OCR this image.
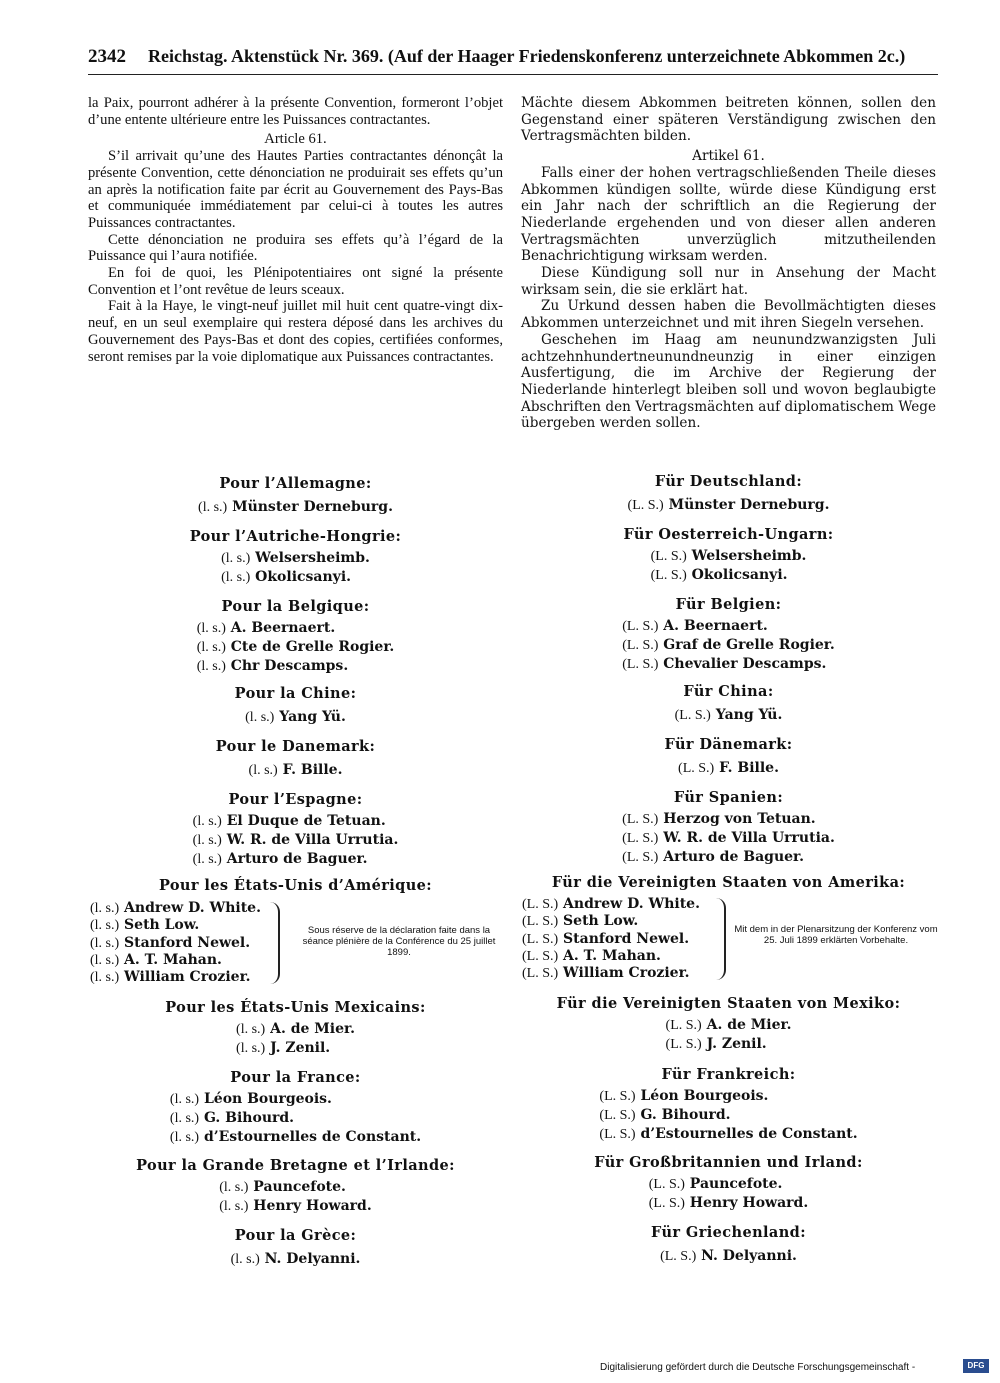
2342 Reichstag. Aktenstück Nr. 369. (Auf der Haager Friedenskonferenz unterzeichnete Abkommen 2c.)

la Paix, pourront adhérer à la présente Convention, formeront l’objet d’une entente ultérieure entre les Puissances contractantes.

Article 61.

S’il arrivait qu’une des Hautes Parties contractantes dénonçât la présente Convention, cette dénonciation ne produirait ses effets qu’un an après la notification faite par écrit au Gouvernement des Pays-Bas et communiquée immédiatement par celui-ci à toutes les autres Puissances contractantes.

Cette dénonciation ne produira ses effets qu’à l’égard de la Puissance qui l’aura notifiée.

En foi de quoi, les Plénipotentiaires ont signé la présente Convention et l’ont revêtue de leurs sceaux.

Fait à la Haye, le vingt-neuf juillet mil huit cent quatre-vingt dix-neuf, en un seul exemplaire qui restera déposé dans les archives du Gouvernement des Pays-Bas et dont des copies, certifiées conformes, seront remises par la voie diplomatique aux Puissances contractantes.

Mächte diesem Abkommen beitreten können, sollen den Gegenstand einer späteren Verständigung zwischen den Vertragsmächten bilden.

Artikel 61.

Falls einer der hohen vertragschließenden Theile dieses Abkommen kündigen sollte, würde diese Kündigung erst ein Jahr nach der schriftlich an die Regierung der Niederlande ergehenden und von dieser allen anderen Vertragsmächten unverzüglich mitzutheilenden Benachrichtigung wirksam werden.

Diese Kündigung soll nur in Ansehung der Macht wirksam sein, die sie erklärt hat.

Zu Urkund dessen haben die Bevollmächtigten dieses Abkommen unterzeichnet und mit ihren Siegeln versehen.

Geschehen im Haag am neunundzwanzigsten Juli achtzehnhundertneunundneunzig in einer einzigen Ausfertigung, die im Archive der Regierung der Niederlande hinterlegt bleiben soll und wovon beglaubigte Abschriften den Vertragsmächten auf diplomatischem Wege übergeben werden sollen.

Pour l’Allemagne:
(l. s.) Münster Derneburg.
Pour l’Autriche-Hongrie:
(l. s.) Welsersheimb.
(l. s.) Okolicsanyi.
Pour la Belgique:
(l. s.) A. Beernaert.
(l. s.) Cte de Grelle Rogier.
(l. s.) Chr Descamps.
Pour la Chine:
(l. s.) Yang Yü.
Pour le Danemark:
(l. s.) F. Bille.
Pour l’Espagne:
(l. s.) El Duque de Tetuan.
(l. s.) W. R. de Villa Urrutia.
(l. s.) Arturo de Baguer.
Pour les États-Unis d’Amérique:
(l. s.) Andrew D. White.
(l. s.) Seth Low.
(l. s.) Stanford Newel.
(l. s.) A. T. Mahan.
(l. s.) William Crozier.
Sous réserve de la déclaration faite dans la séance plénière de la Conférence du 25 juillet 1899.
Pour les États-Unis Mexicains:
(l. s.) A. de Mier.
(l. s.) J. Zenil.
Pour la France:
(l. s.) Léon Bourgeois.
(l. s.) G. Bihourd.
(l. s.) d’Estournelles de Constant.
Pour la Grande Bretagne et l’Irlande:
(l. s.) Pauncefote.
(l. s.) Henry Howard.
Pour la Grèce:
(l. s.) N. Delyanni.
Für Deutschland:
(L. S.) Münster Derneburg.
Für Oesterreich-Ungarn:
(L. S.) Welsersheimb.
(L. S.) Okolicsanyi.
Für Belgien:
(L. S.) A. Beernaert.
(L. S.) Graf de Grelle Rogier.
(L. S.) Chevalier Descamps.
Für China:
(L. S.) Yang Yü.
Für Dänemark:
(L. S.) F. Bille.
Für Spanien:
(L. S.) Herzog von Tetuan.
(L. S.) W. R. de Villa Urrutia.
(L. S.) Arturo de Baguer.
Für die Vereinigten Staaten von Amerika:
(L. S.) Andrew D. White.
(L. S.) Seth Low.
(L. S.) Stanford Newel.
(L. S.) A. T. Mahan.
(L. S.) William Crozier.
Mit dem in der Plenarsitzung der Konferenz vom 25. Juli 1899 erklärten Vorbehalte.
Für die Vereinigten Staaten von Mexiko:
(L. S.) A. de Mier.
(L. S.) J. Zenil.
Für Frankreich:
(L. S.) Léon Bourgeois.
(L. S.) G. Bihourd.
(L. S.) d’Estournelles de Constant.
Für Großbritannien und Irland:
(L. S.) Pauncefote.
(L. S.) Henry Howard.
Für Griechenland:
(L. S.) N. Delyanni.
Digitalisierung gefördert durch die Deutsche Forschungsgemeinschaft -	DFG
